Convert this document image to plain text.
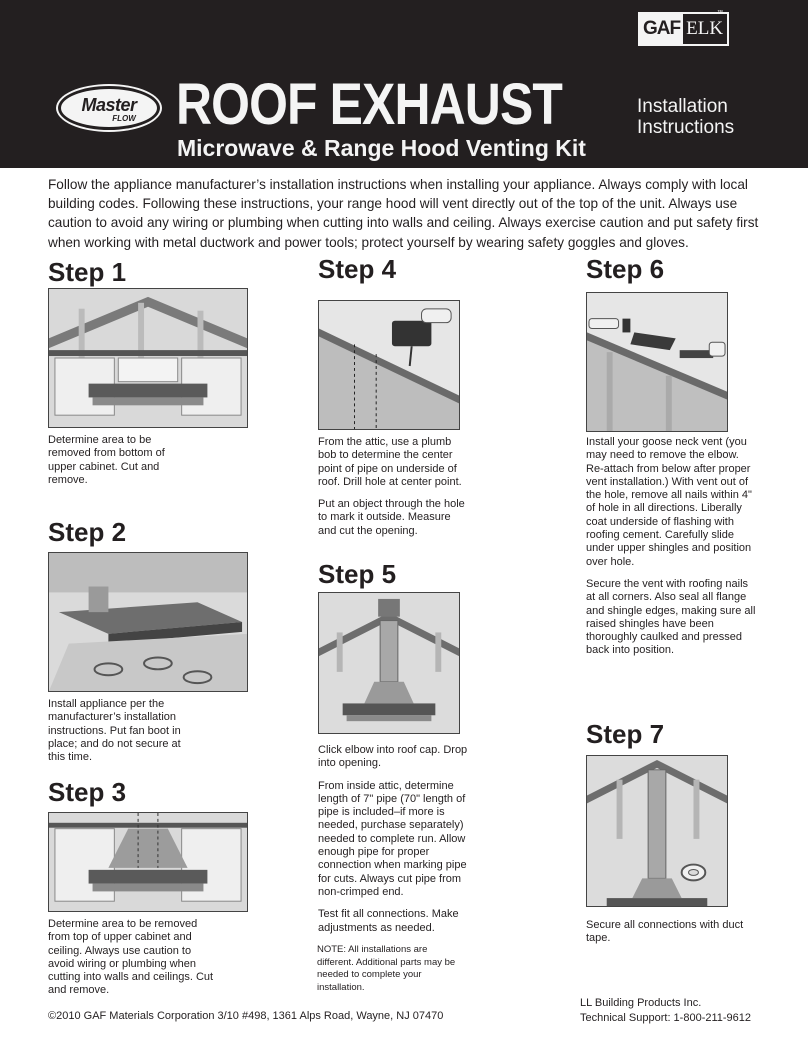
GAF ELK
™
Master
FLOW ROOF EXHAUST
Microwave & Range Hood Venting Kit
Installation
Instructions
Follow the appliance manufacturer’s installation instructions when installing your appliance. Always comply with local building codes. Following these instructions, your range hood will vent directly out of the top of the unit. Always use caution to avoid any wiring or plumbing when cutting into walls and ceiling. Always exercise caution and put safety first when working with metal ductwork and power tools; protect yourself by wearing safety goggles and gloves.
Step 1

Determine area to be removed from bottom of upper cabinet. Cut and remove.

Step 2

Install appliance per the manufacturer’s installation instructions. Put fan boot in place; and do not secure at this time.

Step 3

Determine area to be removed from top of upper cabinet and ceiling. Always use caution to avoid wiring or plumbing when cutting into walls and ceilings. Cut and remove.

Step 4

From the attic, use a plumb bob to determine the center point of pipe on underside of roof. Drill hole at center point.

Put an object through the hole to mark it outside. Measure and cut the opening.

Step 5

Click elbow into roof cap. Drop into opening.

From inside attic, determine length of 7" pipe (70" length of pipe is included–if more is needed, purchase separately) needed to complete run. Allow enough pipe for proper connection when marking pipe for cuts. Always cut pipe from non-crimped end.

Test fit all connections. Make adjustments as needed.

NOTE: All installations are different. Additional parts may be needed to complete your installation.
Step 6

Install your goose neck vent (you may need to remove the elbow. Re-attach from below after proper vent installation.) With vent out of the hole, remove all nails within 4" of hole in all directions. Liberally coat underside of flashing with roofing cement. Carefully slide under upper shingles and position over hole.

Secure the vent with roofing nails at all corners. Also seal all flange and shingle edges, making sure all raised shingles have been thoroughly caulked and pressed back into position.

Step 7

Secure all connections with duct tape.

©2010 GAF Materials Corporation 3/10 #498, 1361 Alps Road, Wayne, NJ 07470
LL Building Products Inc.
Technical Support: 1-800-211-9612
